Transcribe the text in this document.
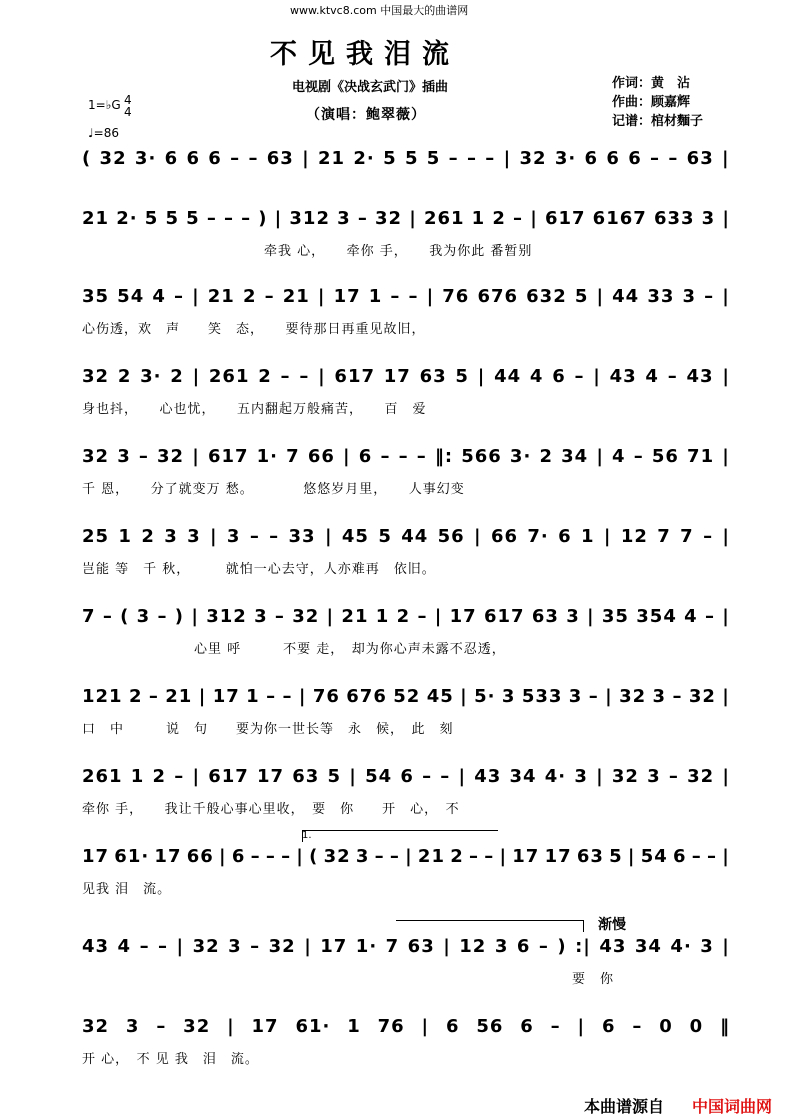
www.ktvc8.com 中国最大的曲谱网
不见我泪流
电视剧《决战玄武门》插曲
（演唱：鲍翠薇）
作词：黄　沾
作曲：顾嘉辉
记谱：棺材麵子
1=♭G 4
4
♩=86
( 32 3· 6 6 6 – – 63 | 21 2· 5 5 5 – – – | 32 3· 6 6 6 – – 63 |
21 2· 5 5 5 – – – ) | 312 3 – 32 | 261 1 2 – | 617 6167 633 3 |
　　　　　　　　　　　　　牵我 心，　　牵你 手，　　我为你此 番暂别
35 54 4 – | 21 2 – 21 | 17 1 – – | 76 676 632 5 | 44 33 3 – |
心伤透，欢　声　　笑　态，　　要待那日再重见故旧，
32 2 3· 2 | 261 2 – – | 617 17 63 5 | 44 4 6 – | 43 4 – 43 |
身也抖，　　心也忧，　　五内翻起万般痛苦，　　百　爱
32 3 – 32 | 617 1· 7 66 | 6 – – – ‖: 566 3· 2 34 | 4 – 56 71 |
千 恩，　　分了就变万 愁。　　　　悠悠岁月里，　　人事幻变
25 1 2 3 3 | 3 – – 33 | 45 5 44 56 | 66 7· 6 1 | 12 7 7 – |
岂能 等　千 秋，　　　就怕一心去守，人亦难再　依旧。
7 – ( 3 – ) | 312 3 – 32 | 21 1 2 – | 17 617 63 3 | 35 354 4 – |
　　　　　　　　心里 呼　　　不要 走，　却为你心声未露不忍透，
121 2 – 21 | 17 1 – – | 76 676 52 45 | 5· 3 533 3 – | 32 3 – 32 |
口　中　　　说　句　　要为你一世长等　永　候，　此　刻
261 1 2 – | 617 17 63 5 | 54 6 – – | 43 34 4· 3 | 32 3 – 32 |
牵你 手，　　我让千般心事心里收，　要　你　　开　心，　不
17 61· 17 66 | 6 – – – | ( 32 3 – – | 21 2 – – | 17 17 63 5 | 54 6 – – |
见我 泪　流。
43 4 – – | 32 3 – 32 | 17 1· 7 63 | 12 3 6 – ) :| 43 34 4· 3 |
　　　　　　　　　　　　　　　　　　　　　　　　　　　　　　　　　　　要　你
32 3 – 32 | 17 61· 1 76 | 6 56 6 – | 6 – 0 0 ‖
开 心，　不 见 我　泪　流。
1.
渐慢
本曲谱源自 中国词曲网
